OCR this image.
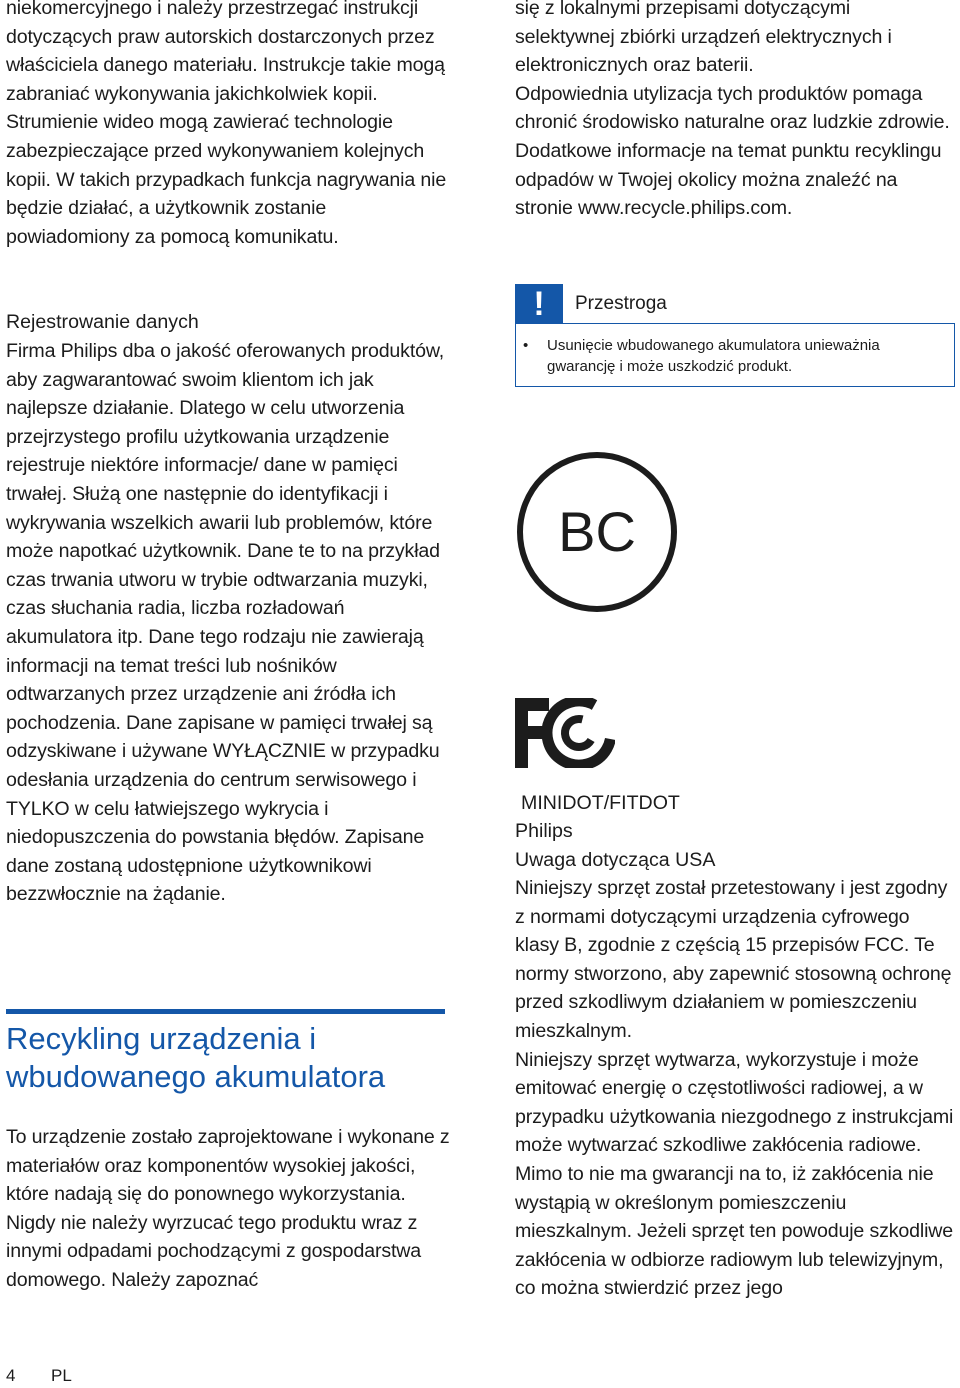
niekomercyjnego i należy przestrzegać instrukcji dotyczących praw autorskich dostarczonych przez właściciela danego materiału. Instrukcje takie mogą zabraniać wykonywania jakichkolwiek kopii. Strumienie wideo mogą zawierać technologie zabezpieczające przed wykonywaniem kolejnych kopii. W takich przypadkach funkcja nagrywania nie będzie działać, a użytkownik zostanie powiadomiony za pomocą komunikatu.

Rejestrowanie danych

Firma Philips dba o jakość oferowanych produktów, aby zagwarantować swoim klientom ich jak najlepsze działanie. Dlatego w celu utworzenia przejrzystego profilu użytkowania urządzenie rejestruje niektóre informacje/ dane w pamięci trwałej. Służą one następnie do identyfikacji i wykrywania wszelkich awarii lub problemów, które może napotkać użytkownik. Dane te to na przykład czas trwania utworu w trybie odtwarzania muzyki, czas słuchania radia, liczba rozładowań akumulatora itp. Dane tego rodzaju nie zawierają informacji na temat treści lub nośników odtwarzanych przez urządzenie ani źródła ich pochodzenia. Dane zapisane w pamięci trwałej są odzyskiwane i używane WYŁĄCZNIE w przypadku odesłania urządzenia do centrum serwisowego i TYLKO w celu łatwiejszego wykrycia i niedopuszczenia do powstania błędów. Zapisane dane zostaną udostępnione użytkownikowi bezzwłocznie na żądanie.

Recykling urządzenia i wbudowanego akumulatora

To urządzenie zostało zaprojektowane i wykonane z materiałów oraz komponentów wysokiej jakości, które nadają się do ponownego wykorzystania.

Nigdy nie należy wyrzucać tego produktu wraz z innymi odpadami pochodzącymi z gospodarstwa domowego. Należy zapoznać

się z lokalnymi przepisami dotyczącymi selektywnej zbiórki urządzeń elektrycznych i elektronicznych oraz baterii.

Odpowiednia utylizacja tych produktów pomaga chronić środowisko naturalne oraz ludzkie zdrowie.

Dodatkowe informacje na temat punktu recyklingu odpadów w Twojej okolicy można znaleźć na stronie www.recycle.philips.com.

!	Przestroga
•	Usunięcie wbudowanego akumulatora unieważnia gwarancję i może uszkodzić produkt.
BC
MINIDOT/FITDOT
Philips
Uwaga dotycząca USA

Niniejszy sprzęt został przetestowany i jest zgodny z normami dotyczącymi urządzenia cyfrowego klasy B, zgodnie z częścią 15 przepisów FCC. Te normy stworzono, aby zapewnić stosowną ochronę przed szkodliwym działaniem w pomieszczeniu mieszkalnym.

Niniejszy sprzęt wytwarza, wykorzystuje i może emitować energię o częstotliwości radiowej, a w przypadku użytkowania niezgodnego z instrukcjami może wytwarzać szkodliwe zakłócenia radiowe.

Mimo to nie ma gwarancji na to, iż zakłócenia nie wystąpią w określonym pomieszczeniu mieszkalnym. Jeżeli sprzęt ten powoduje szkodliwe zakłócenia w odbiorze radiowym lub telewizyjnym, co można stwierdzić przez jego

4 PL
